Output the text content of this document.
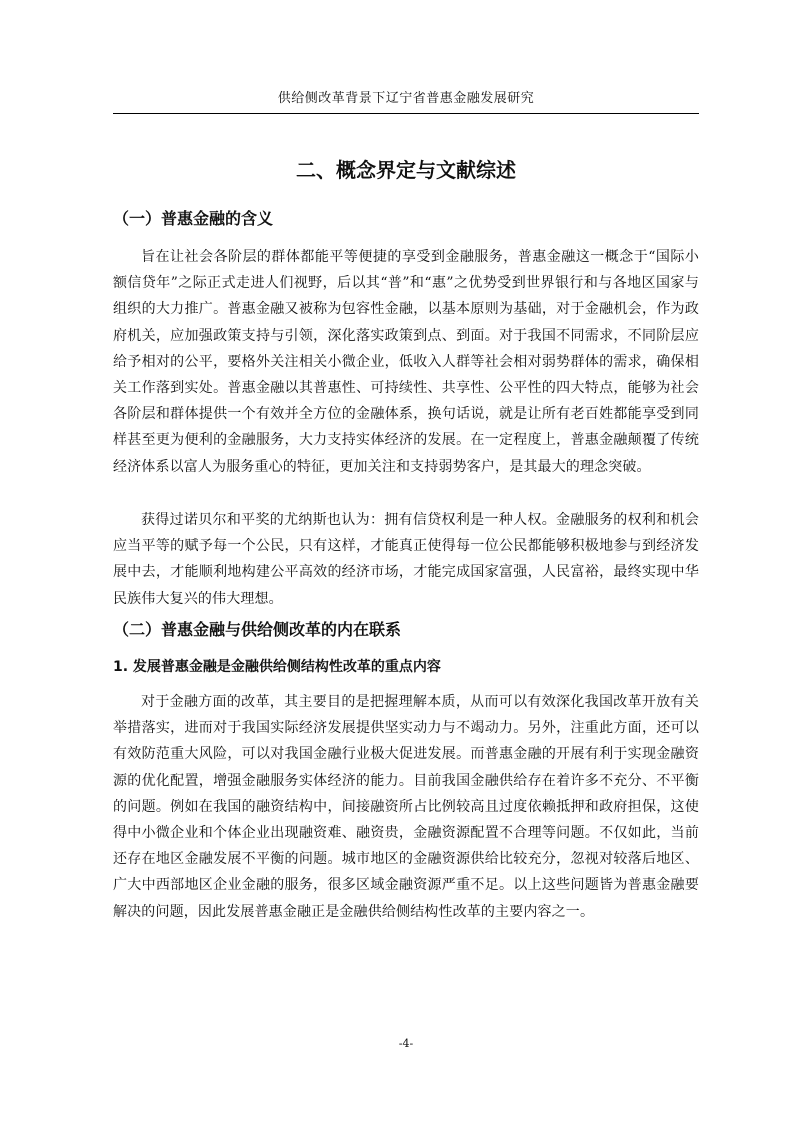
供给侧改革背景下辽宁省普惠金融发展研究
二、概念界定与文献综述
（一）普惠金融的含义

旨在让社会各阶层的群体都能平等便捷的享受到金融服务，普惠金融这一概念于“国际小额信贷年”之际正式走进人们视野，后以其“普”和“惠”之优势受到世界银行和与各地区国家与组织的大力推广。普惠金融又被称为包容性金融，以基本原则为基础，对于金融机会，作为政府机关，应加强政策支持与引领，深化落实政策到点、到面。对于我国不同需求，不同阶层应给予相对的公平，要格外关注相关小微企业，低收入人群等社会相对弱势群体的需求，确保相关工作落到实处。普惠金融以其普惠性、可持续性、共享性、公平性的四大特点，能够为社会各阶层和群体提供一个有效并全方位的金融体系，换句话说，就是让所有老百姓都能享受到同样甚至更为便利的金融服务，大力支持实体经济的发展。在一定程度上，普惠金融颠覆了传统经济体系以富人为服务重心的特征，更加关注和支持弱势客户，是其最大的理念突破。

获得过诺贝尔和平奖的尤纳斯也认为：拥有信贷权利是一种人权。金融服务的权利和机会应当平等的赋予每一个公民，只有这样，才能真正使得每一位公民都能够积极地参与到经济发展中去，才能顺利地构建公平高效的经济市场，才能完成国家富强，人民富裕，最终实现中华民族伟大复兴的伟大理想。

（二）普惠金融与供给侧改革的内在联系
1. 发展普惠金融是金融供给侧结构性改革的重点内容

对于金融方面的改革，其主要目的是把握理解本质，从而可以有效深化我国改革开放有关举措落实，进而对于我国实际经济发展提供坚实动力与不竭动力。另外，注重此方面，还可以有效防范重大风险，可以对我国金融行业极大促进发展。而普惠金融的开展有利于实现金融资源的优化配置，增强金融服务实体经济的能力。目前我国金融供给存在着许多不充分、不平衡的问题。例如在我国的融资结构中，间接融资所占比例较高且过度依赖抵押和政府担保，这使得中小微企业和个体企业出现融资难、融资贵，金融资源配置不合理等问题。不仅如此，当前还存在地区金融发展不平衡的问题。城市地区的金融资源供给比较充分，忽视对较落后地区、广大中西部地区企业金融的服务，很多区域金融资源严重不足。以上这些问题皆为普惠金融要解决的问题，因此发展普惠金融正是金融供给侧结构性改革的主要内容之一。

-4-
